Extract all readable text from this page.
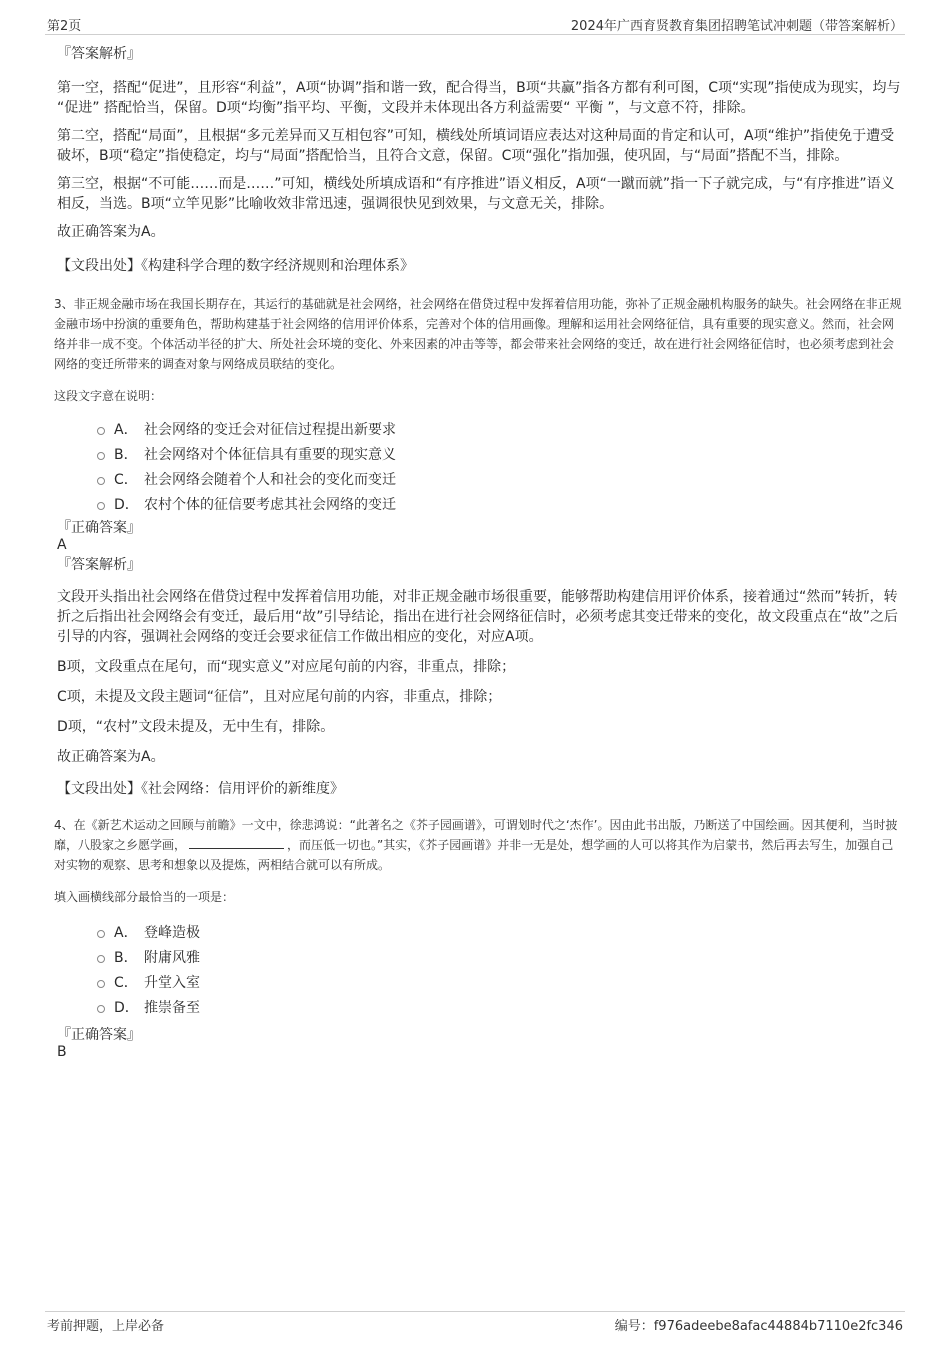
第2页	2024年广西育贤教育集团招聘笔试冲刺题（带答案解析）

『答案解析』

第一空，搭配“促进”，且形容“利益”，A项“协调”指和谐一致，配合得当，B项“共赢”指各方都有利可图，C项“实现”指使成为现实，均与 “促进” 搭配恰当，保留。D项“均衡”指平均、平衡，文段并未体现出各方利益需要“ 平衡 ”，与文意不符，排除。

第二空，搭配“局面”，且根据“多元差异而又互相包容”可知，横线处所填词语应表达对这种局面的肯定和认可，A项“维护”指使免于遭受破坏，B项“稳定”指使稳定，均与“局面”搭配恰当，且符合文意，保留。C项“强化”指加强，使巩固，与“局面”搭配不当，排除。

第三空，根据“不可能……而是……”可知，横线处所填成语和“有序推进”语义相反，A项“一蹴而就”指一下子就完成，与“有序推进”语义相反，当选。B项“立竿见影”比喻收效非常迅速，强调很快见到效果，与文意无关，排除。

故正确答案为A。

【文段出处】《构建科学合理的数字经济规则和治理体系》

3、非正规金融市场在我国长期存在，其运行的基础就是社会网络，社会网络在借贷过程中发挥着信用功能，弥补了正规金融机构服务的缺失。社会网络在非正规金融市场中扮演的重要角色，帮助构建基于社会网络的信用评价体系，完善对个体的信用画像。理解和运用社会网络征信，具有重要的现实意义。然而，社会网络并非一成不变。个体活动半径的扩大、所处社会环境的变化、外来因素的冲击等等，都会带来社会网络的变迁，故在进行社会网络征信时，也必须考虑到社会网络的变迁所带来的调查对象与网络成员联结的变化。

这段文字意在说明：

A． 社会网络的变迁会对征信过程提出新要求
B． 社会网络对个体征信具有重要的现实意义
C． 社会网络会随着个人和社会的变化而变迁
D． 农村个体的征信要考虑其社会网络的变迁

『正确答案』

A

『答案解析』

文段开头指出社会网络在借贷过程中发挥着信用功能，对非正规金融市场很重要，能够帮助构建信用评价体系，接着通过“然而”转折，转折之后指出社会网络会有变迁，最后用“故”引导结论，指出在进行社会网络征信时，必须考虑其变迁带来的变化，故文段重点在“故”之后引导的内容，强调社会网络的变迁会要求征信工作做出相应的变化，对应A项。

B项，文段重点在尾句，而“现实意义”对应尾句前的内容，非重点，排除；

C项，未提及文段主题词“征信”，且对应尾句前的内容，非重点，排除；

D项，“农村”文段未提及，无中生有，排除。

故正确答案为A。

【文段出处】《社会网络：信用评价的新维度》

4、在《新艺术运动之回顾与前瞻》一文中，徐悲鸿说：“此著名之《芥子园画谱》，可谓划时代之‘杰作’。因由此书出版，乃断送了中国绘画。因其便利，当时披靡，八股家之乡愿学画，	，而压低一切也。”其实，《芥子园画谱》并非一无是处，想学画的人可以将其作为启蒙书，然后再去写生，加强自己对实物的观察、思考和想象以及提炼，两相结合就可以有所成。

填入画横线部分最恰当的一项是：

A． 登峰造极
B． 附庸风雅
C． 升堂入室
D． 推崇备至

『正确答案』

B

考前押题，上岸必备	编号：f976adeebe8afac44884b7110e2fc346
